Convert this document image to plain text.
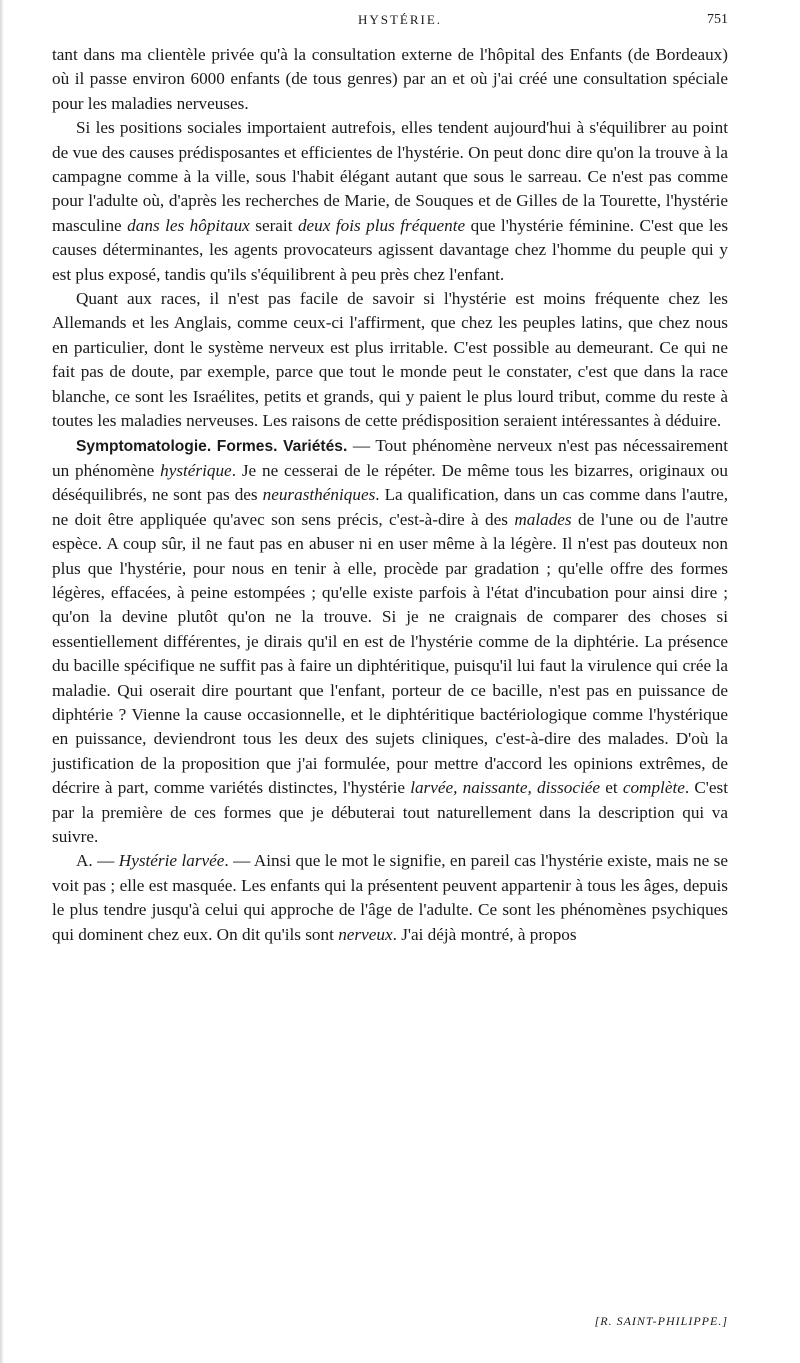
HYSTÉRIE.	751

tant dans ma clientèle privée qu'à la consultation externe de l'hôpital des Enfants (de Bordeaux) où il passe environ 6000 enfants (de tous genres) par an et où j'ai créé une consultation spéciale pour les maladies nerveuses.

Si les positions sociales importaient autrefois, elles tendent aujourd'hui à s'équilibrer au point de vue des causes prédisposantes et efficientes de l'hystérie. On peut donc dire qu'on la trouve à la campagne comme à la ville, sous l'habit élégant autant que sous le sarreau. Ce n'est pas comme pour l'adulte où, d'après les recherches de Marie, de Souques et de Gilles de la Tourette, l'hystérie masculine dans les hôpitaux serait deux fois plus fréquente que l'hystérie féminine. C'est que les causes déterminantes, les agents provocateurs agissent davantage chez l'homme du peuple qui y est plus exposé, tandis qu'ils s'équilibrent à peu près chez l'enfant.

Quant aux races, il n'est pas facile de savoir si l'hystérie est moins fréquente chez les Allemands et les Anglais, comme ceux-ci l'affirment, que chez les peuples latins, que chez nous en particulier, dont le système nerveux est plus irritable. C'est possible au demeurant. Ce qui ne fait pas de doute, par exemple, parce que tout le monde peut le constater, c'est que dans la race blanche, ce sont les Israélites, petits et grands, qui y paient le plus lourd tribut, comme du reste à toutes les maladies nerveuses. Les raisons de cette prédisposition seraient intéressantes à déduire.

Symptomatologie. Formes. Variétés. — Tout phénomène nerveux n'est pas nécessairement un phénomène hystérique. Je ne cesserai de le répéter. De même tous les bizarres, originaux ou déséquilibrés, ne sont pas des neurasthéniques. La qualification, dans un cas comme dans l'autre, ne doit être appliquée qu'avec son sens précis, c'est-à-dire à des malades de l'une ou de l'autre espèce. A coup sûr, il ne faut pas en abuser ni en user même à la légère. Il n'est pas douteux non plus que l'hystérie, pour nous en tenir à elle, procède par gradation ; qu'elle offre des formes légères, effacées, à peine estompées ; qu'elle existe parfois à l'état d'incubation pour ainsi dire ; qu'on la devine plutôt qu'on ne la trouve. Si je ne craignais de comparer des choses si essentiellement différentes, je dirais qu'il en est de l'hystérie comme de la diphtérie. La présence du bacille spécifique ne suffit pas à faire un diphtéritique, puisqu'il lui faut la virulence qui crée la maladie. Qui oserait dire pourtant que l'enfant, porteur de ce bacille, n'est pas en puissance de diphtérie ? Vienne la cause occasionnelle, et le diphtéritique bactériologique comme l'hystérique en puissance, deviendront tous les deux des sujets cliniques, c'est-à-dire des malades. D'où la justification de la proposition que j'ai formulée, pour mettre d'accord les opinions extrêmes, de décrire à part, comme variétés distinctes, l'hystérie larvée, naissante, dissociée et complète. C'est par la première de ces formes que je débuterai tout naturellement dans la description qui va suivre.

A. — Hystérie larvée. — Ainsi que le mot le signifie, en pareil cas l'hystérie existe, mais ne se voit pas ; elle est masquée. Les enfants qui la présentent peuvent appartenir à tous les âges, depuis le plus tendre jusqu'à celui qui approche de l'âge de l'adulte. Ce sont les phénomènes psychiques qui dominent chez eux. On dit qu'ils sont nerveux. J'ai déjà montré, à propos

[R. SAINT-PHILIPPE.]
